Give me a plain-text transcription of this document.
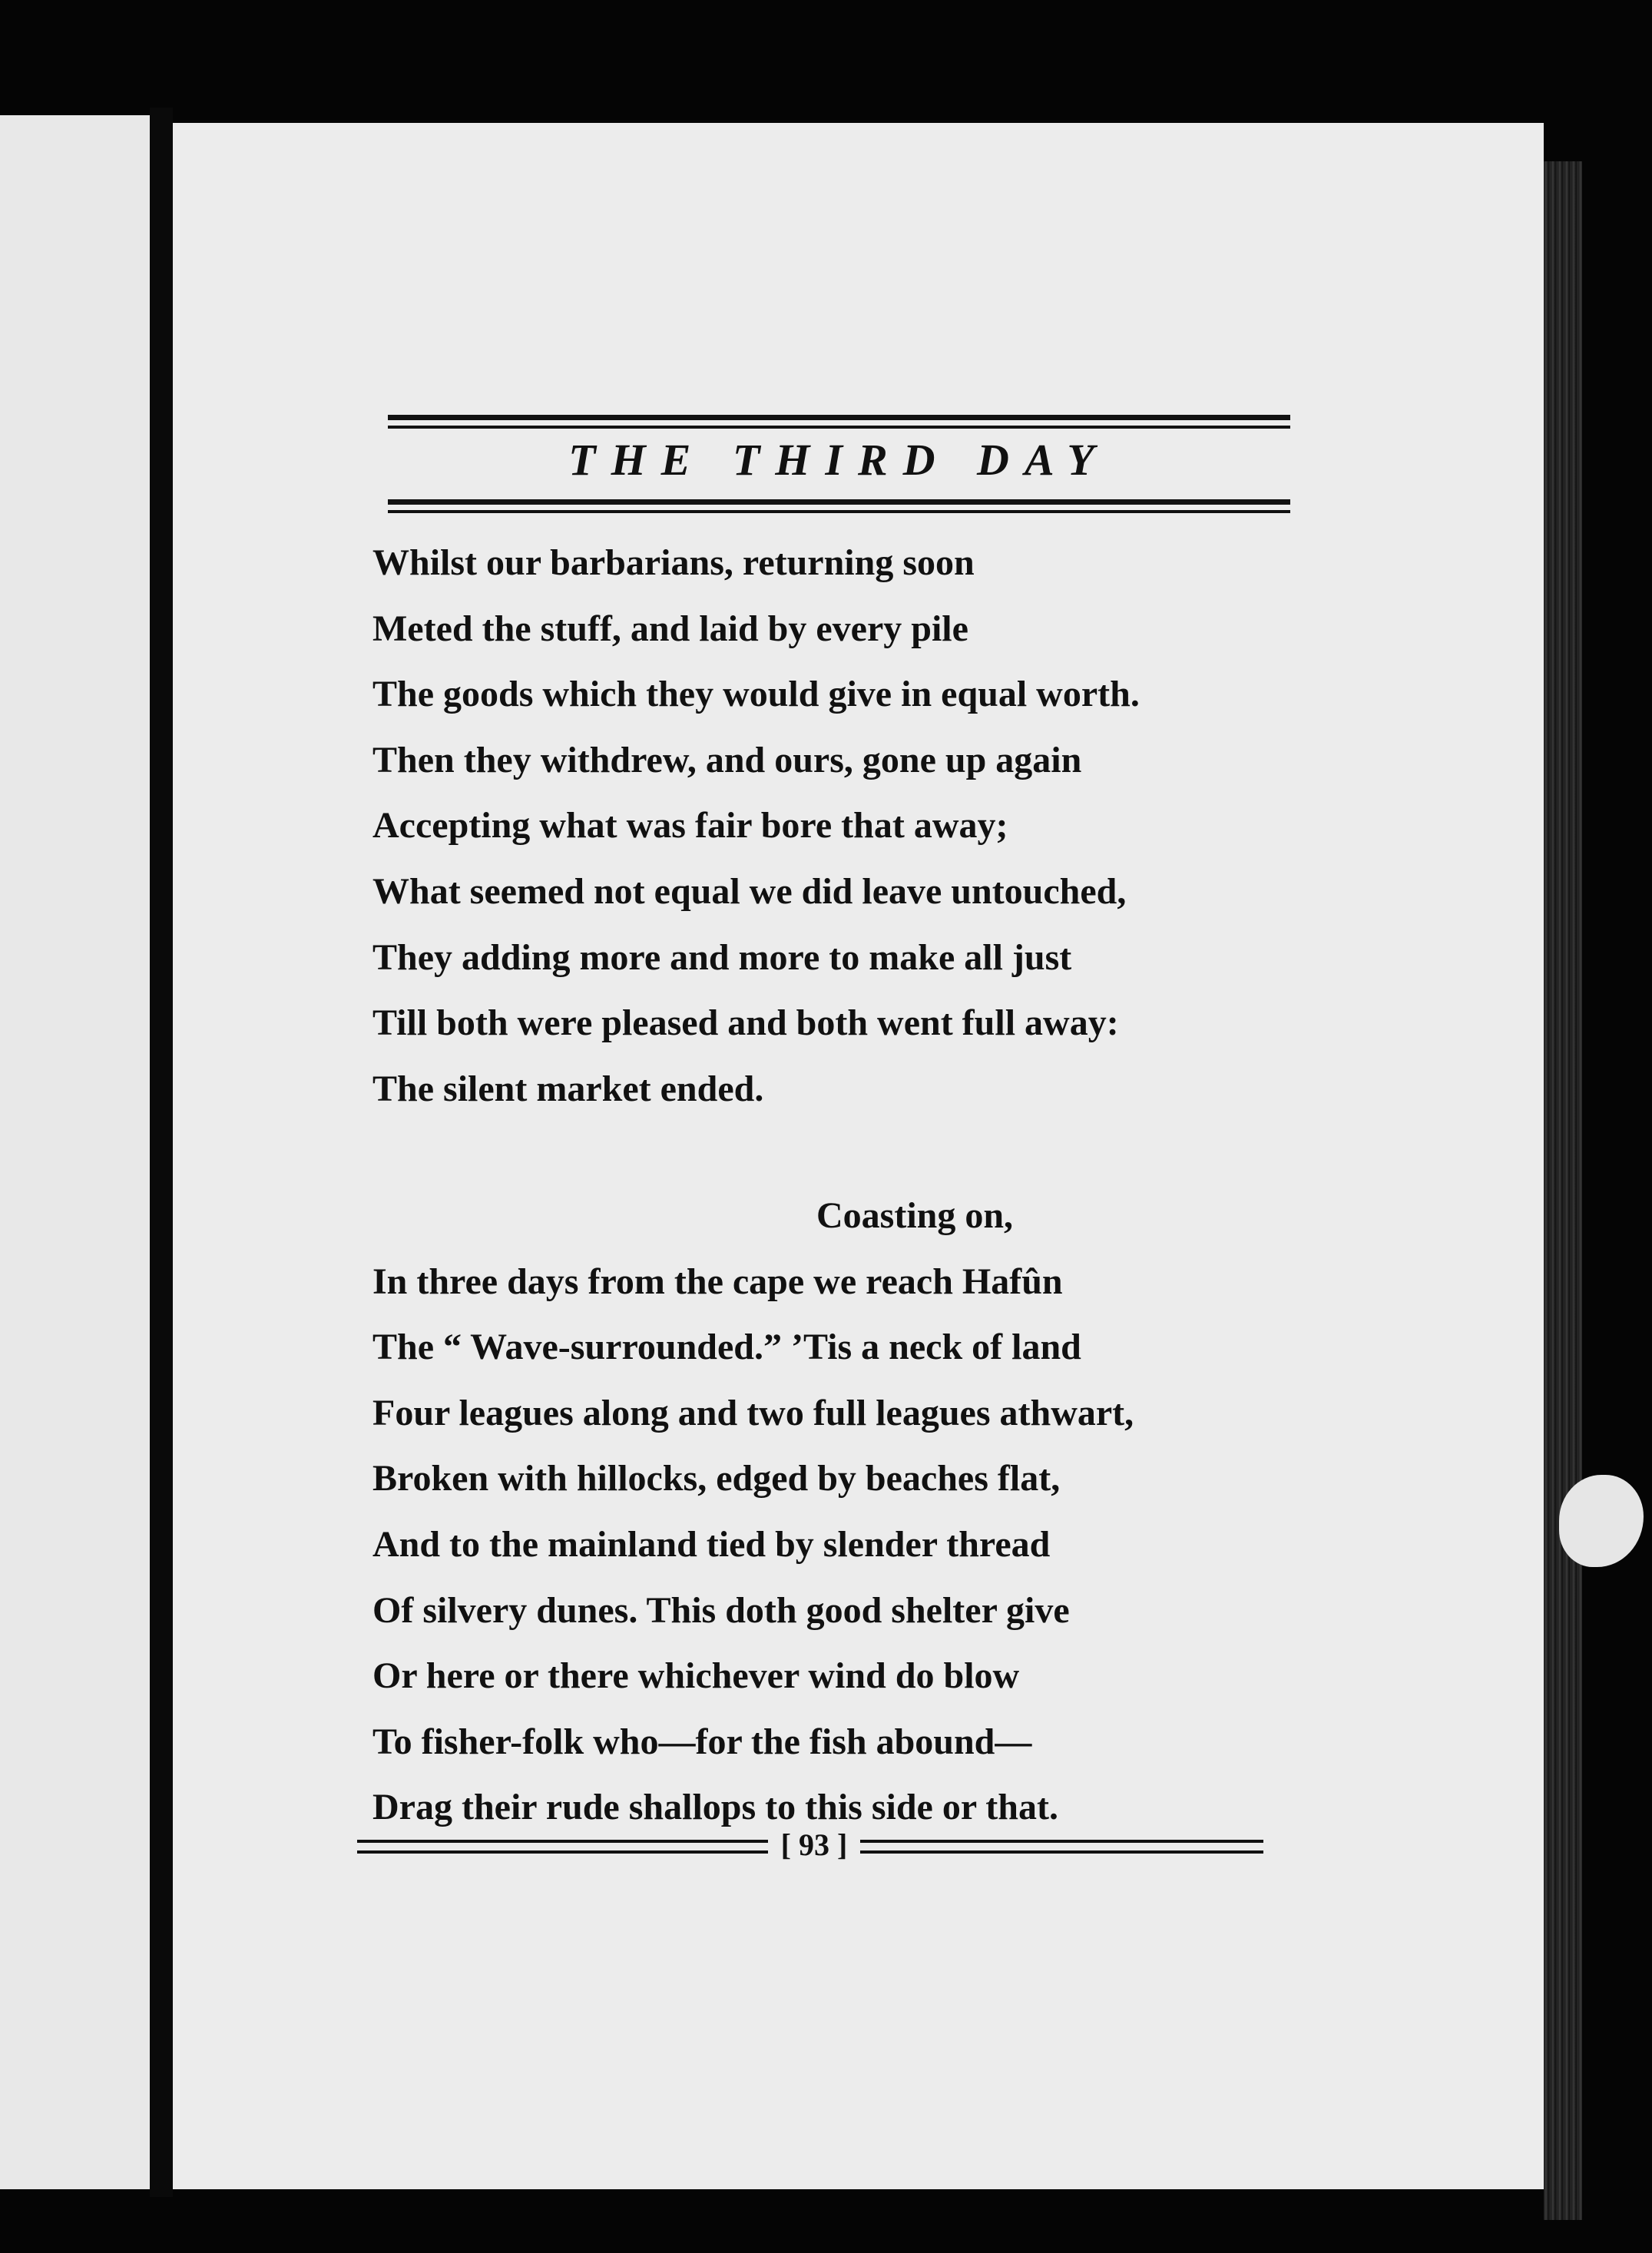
THE THIRD DAY
Whilst our barbarians, returning soon
Meted the stuff, and laid by every pile
The goods which they would give in equal worth.
Then they withdrew, and ours, gone up again
Accepting what was fair bore that away;
What seemed not equal we did leave untouched,
They adding more and more to make all just
Till both were pleased and both went full away:
The silent market ended.
Coasting on,
In three days from the cape we reach Hafûn
The “ Wave-surrounded.” ’Tis a neck of land
Four leagues along and two full leagues athwart,
Broken with hillocks, edged by beaches flat,
And to the mainland tied by slender thread
Of silvery dunes. This doth good shelter give
Or here or there whichever wind do blow
To fisher-folk who—for the fish abound—
Drag their rude shallops to this side or that.
[ 93 ]
